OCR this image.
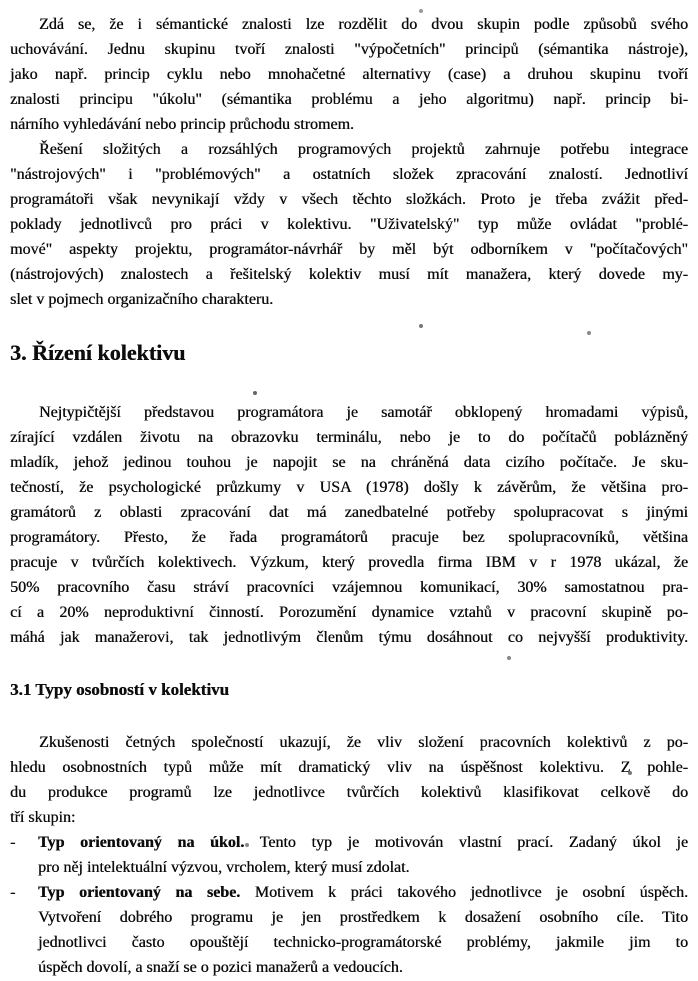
Zdá se, že i sémantické znalosti lze rozdělit do dvou skupin podle způsobů svého
uchovávání. Jednu skupinu tvoří znalosti "výpočetních" principů (sémantika nástroje),
jako např. princip cyklu nebo mnohačetné alternativy (case) a druhou skupinu tvoří
znalosti principu "úkolu" (sémantika problému a jeho algoritmu) např. princip bi-
nárního vyhledávání nebo princip průchodu stromem.

Řešení složitých a rozsáhlých programových projektů zahrnuje potřebu integrace
"nástrojových" i "problémových" a ostatních složek zpracování znalostí. Jednotliví
programátoři však nevynikají vždy v všech těchto složkách. Proto je třeba zvážit před-
poklady jednotlivců pro práci v kolektivu. "Uživatelský" typ může ovládat "problé-
mové" aspekty projektu, programátor-návrhář by měl být odborníkem v "počítačových"
(nástrojových) znalostech a řešitelský kolektiv musí mít manažera, který dovede my-
slet v pojmech organizačního charakteru.

3. Řízení kolektivu

Nejtypičtější představou programátora je samotář obklopený hromadami výpisů,
zírající vzdálen životu na obrazovku terminálu, nebo je to do počítačů poblázněný
mladík, jehož jedinou touhou je napojit se na chráněná data cizího počítače. Je sku-
tečností, že psychologické průzkumy v USA (1978) došly k závěrům, že většina pro-
gramátorů z oblasti zpracování dat má zanedbatelné potřeby spolupracovat s jinými
programátory. Přesto, že řada programátorů pracuje bez spolupracovníků, většina
pracuje v tvůrčích kolektivech. Výzkum, který provedla firma IBM v r 1978 ukázal, že
50% pracovního času stráví pracovníci vzájemnou komunikací, 30% samostatnou pra-
cí a 20% neproduktivní činností. Porozumění dynamice vztahů v pracovní skupině po-
máhá jak manažerovi, tak jednotlivým členům týmu dosáhnout co nejvyšší produktivity.

3.1 Typy osobností v kolektivu

Zkušenosti četných společností ukazují, že vliv složení pracovních kolektivů z po-
hledu osobnostních typů může mít dramatický vliv na úspěšnost kolektivu. Z pohle-
du produkce programů lze jednotlivce tvůrčích kolektivů klasifikovat celkově do
tří skupin:

-	Typ orientovaný na úkol. Tento typ je motivován vlastní prací. Zadaný úkol je
pro něj intelektuální výzvou, vrcholem, který musí zdolat.
-	Typ orientovaný na sebe. Motivem k práci takového jednotlivce je osobní úspěch.
Vytvoření dobrého programu je jen prostředkem k dosažení osobního cíle. Tito
jednotlivci často opouštějí technicko-programátorské problémy, jakmile jim to
úspěch dovolí, a snaží se o pozici manažerů a vedoucích.
